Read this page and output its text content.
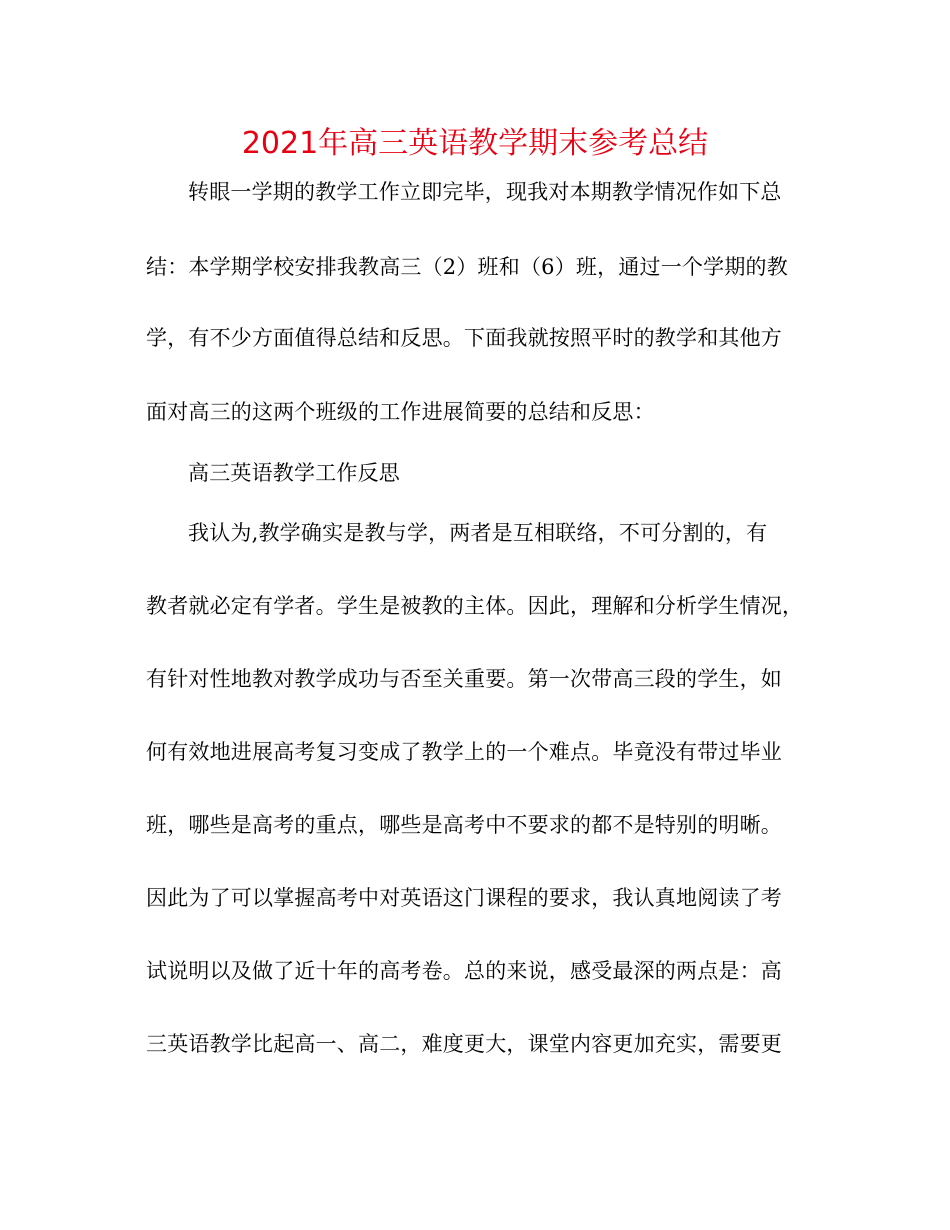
2021年高三英语教学期末参考总结
转眼一学期的教学工作立即完毕，现我对本期教学情况作如下总
结：本学期学校安排我教高三（2）班和（6）班，通过一个学期的教
学，有不少方面值得总结和反思。下面我就按照平时的教学和其他方
面对高三的这两个班级的工作进展简要的总结和反思：
高三英语教学工作反思
我认为,教学确实是教与学，两者是互相联络，不可分割的，有
教者就必定有学者。学生是被教的主体。因此，理解和分析学生情况，
有针对性地教对教学成功与否至关重要。第一次带高三段的学生，如
何有效地进展高考复习变成了教学上的一个难点。毕竟没有带过毕业
班，哪些是高考的重点，哪些是高考中不要求的都不是特别的明晰。
因此为了可以掌握高考中对英语这门课程的要求，我认真地阅读了考
试说明以及做了近十年的高考卷。总的来说，感受最深的两点是：高
三英语教学比起高一、高二，难度更大，课堂内容更加充实，需要更
